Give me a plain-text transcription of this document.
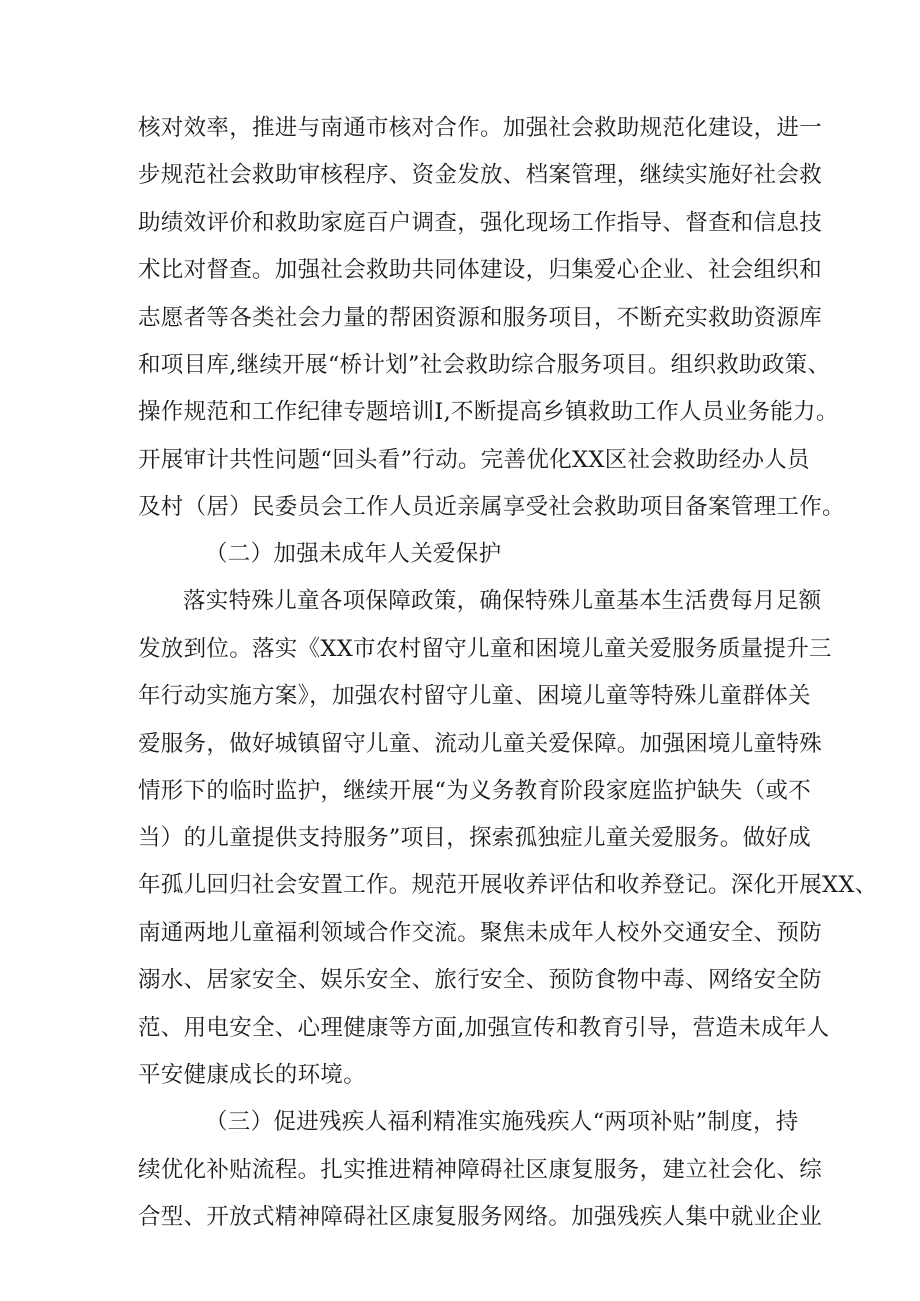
核对效率，推进与南通市核对合作。加强社会救助规范化建设，进一
步规范社会救助审核程序、资金发放、档案管理，继续实施好社会救
助绩效评价和救助家庭百户调查，强化现场工作指导、督查和信息技
术比对督查。加强社会救助共同体建设，归集爱心企业、社会组织和
志愿者等各类社会力量的帮困资源和服务项目，不断充实救助资源库
和项目库,继续开展“桥计划”社会救助综合服务项目。组织救助政策、
操作规范和工作纪律专题培训I,不断提高乡镇救助工作人员业务能力。
开展审计共性问题“回头看”行动。完善优化XX区社会救助经办人员
及村（居）民委员会工作人员近亲属享受社会救助项目备案管理工作。
（二）加强未成年人关爱保护
落实特殊儿童各项保障政策，确保特殊儿童基本生活费每月足额
发放到位。落实《XX市农村留守儿童和困境儿童关爱服务质量提升三
年行动实施方案》，加强农村留守儿童、困境儿童等特殊儿童群体关
爱服务，做好城镇留守儿童、流动儿童关爱保障。加强困境儿童特殊
情形下的临时监护，继续开展“为义务教育阶段家庭监护缺失（或不
当）的儿童提供支持服务”项目，探索孤独症儿童关爱服务。做好成
年孤儿回归社会安置工作。规范开展收养评估和收养登记。深化开展XX、
南通两地儿童福利领域合作交流。聚焦未成年人校外交通安全、预防
溺水、居家安全、娱乐安全、旅行安全、预防食物中毒、网络安全防
范、用电安全、心理健康等方面,加强宣传和教育引导，营造未成年人
平安健康成长的环境。
（三）促进残疾人福利精准实施残疾人“两项补贴”制度，持
续优化补贴流程。扎实推进精神障碍社区康复服务，建立社会化、综
合型、开放式精神障碍社区康复服务网络。加强残疾人集中就业企业
